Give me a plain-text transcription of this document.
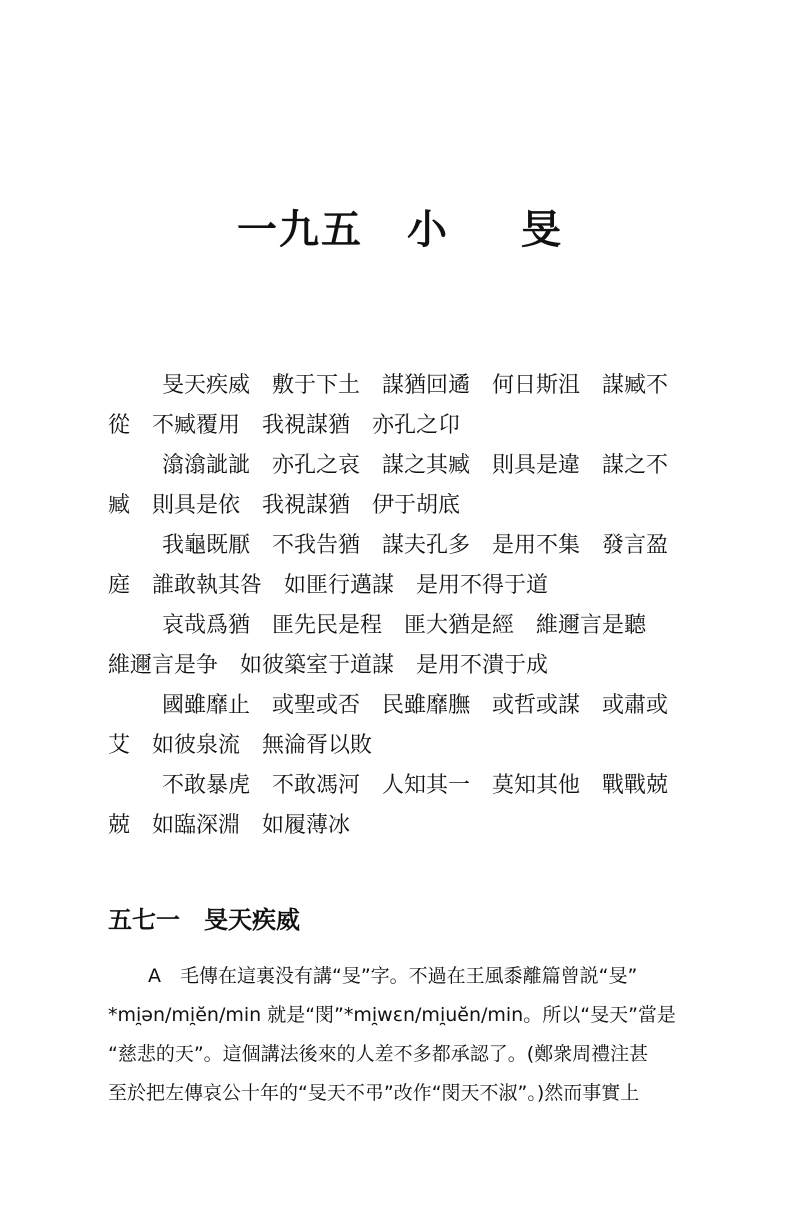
一九五 小 旻

旻天疾威　敷于下土　謀猶回遹　何日斯沮　謀臧不
從　不臧覆用　我視謀猶　亦孔之卬

潝潝訿訿　亦孔之哀　謀之其臧　則具是違　謀之不
臧　則具是依　我視謀猶　伊于胡底

我龜既厭　不我告猶　謀夫孔多　是用不集　發言盈
庭　誰敢執其咎　如匪行邁謀　是用不得于道

哀哉爲猶　匪先民是程　匪大猶是經　維邇言是聽
維邇言是争　如彼築室于道謀　是用不潰于成

國雖靡止　或聖或否　民雖靡膴　或哲或謀　或肅或
艾　如彼泉流　無淪胥以敗

不敢暴虎　不敢馮河　人知其一　莫知其他　戰戰兢
兢　如臨深淵　如履薄冰

五七一 旻天疾威
A　毛傳在這裏没有講“旻”字。不過在王風黍離篇曾説“旻”
*mi̯ən/mi̯ĕn/min 就是“閔”*mi̯wɛn/mi̯uĕn/min。所以“旻天”當是
“慈悲的天”。這個講法後來的人差不多都承認了。(鄭衆周禮注甚
至於把左傳哀公十年的“旻天不弔”改作“閔天不淑”。)然而事實上
